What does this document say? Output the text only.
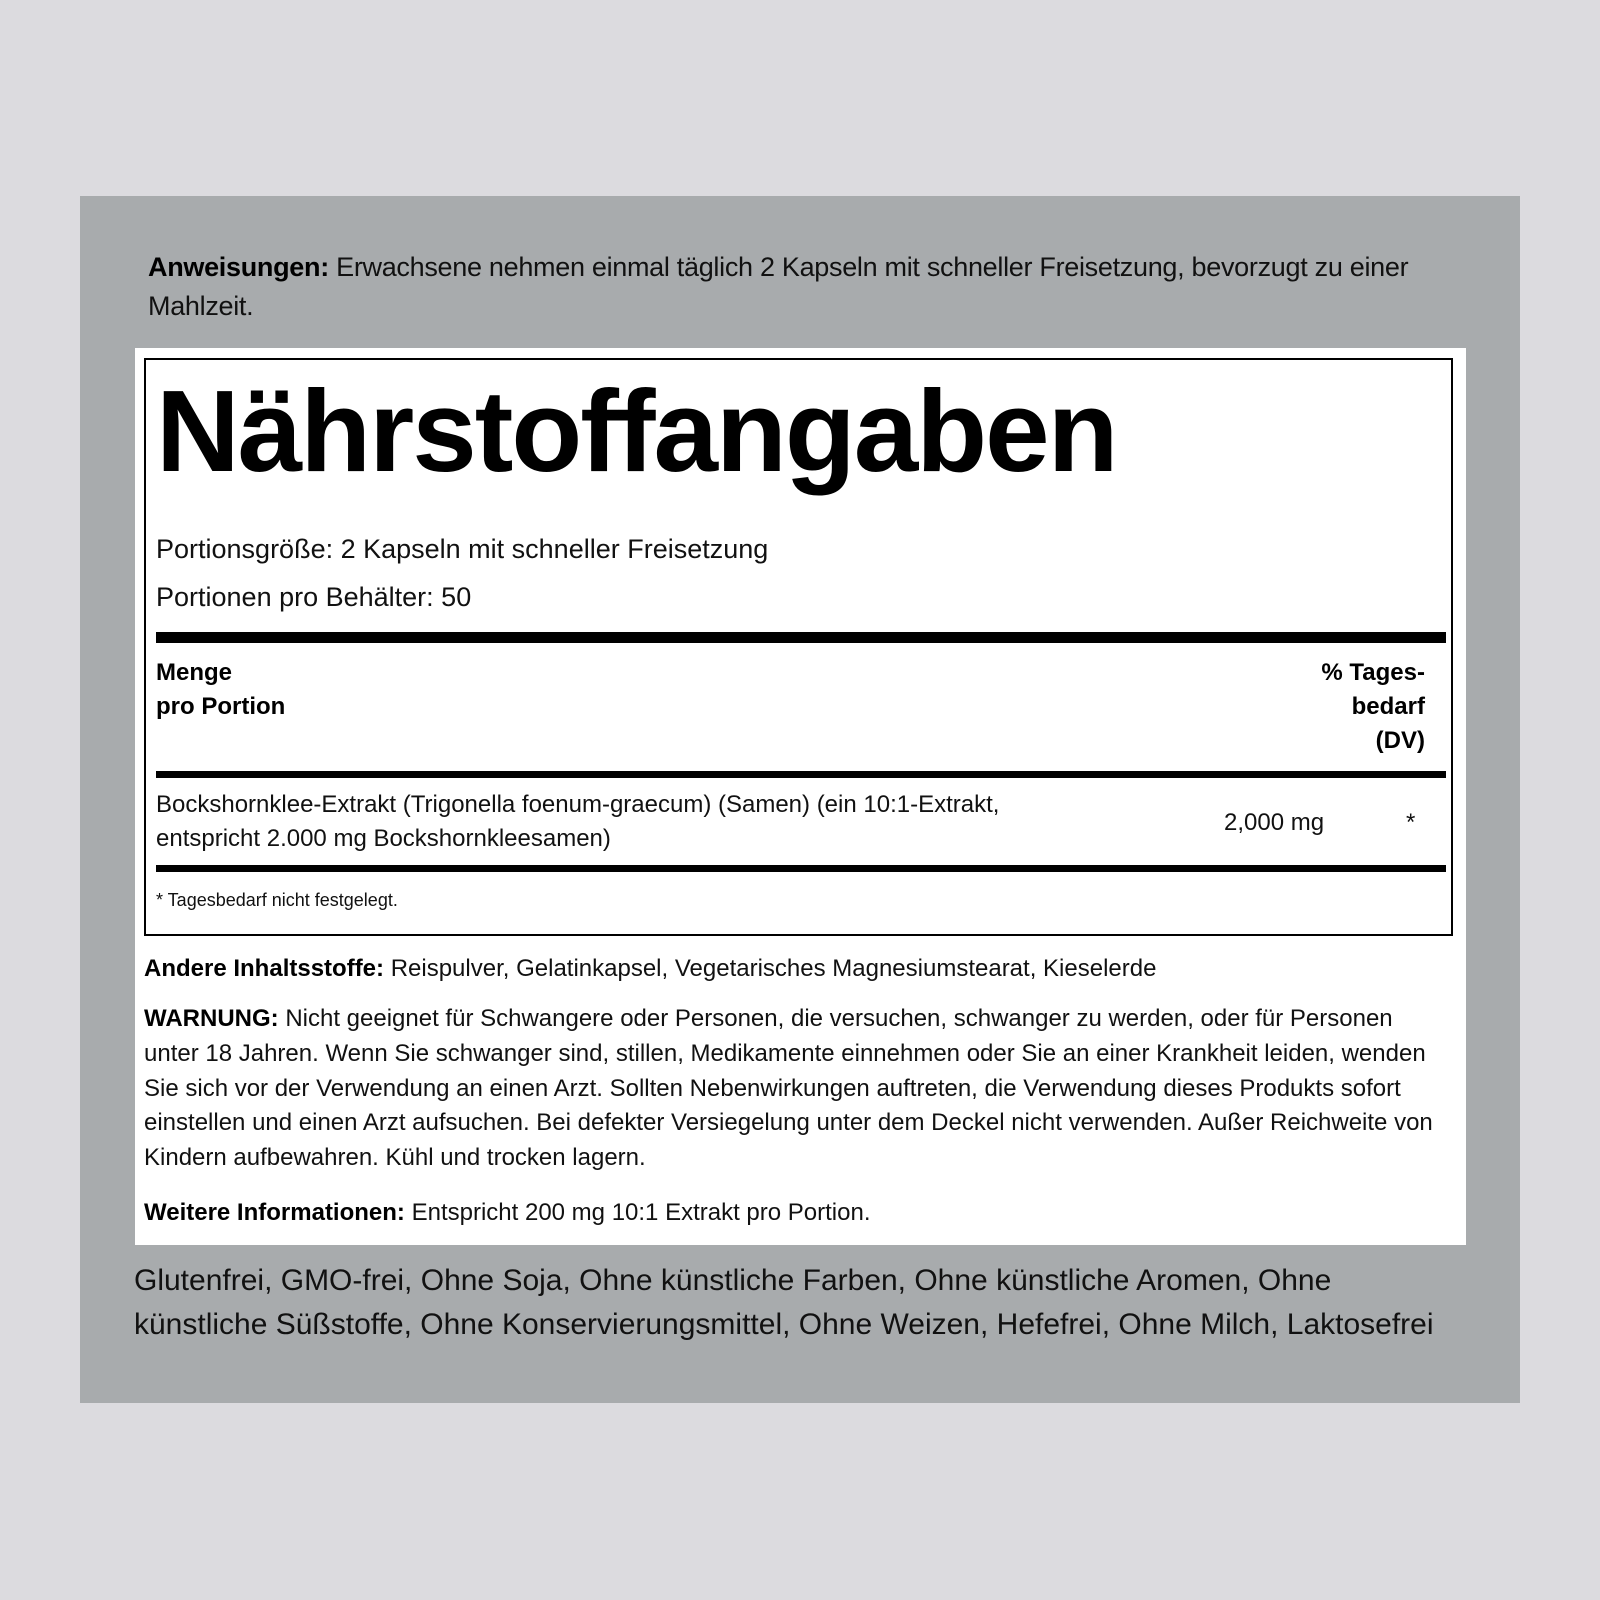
Anweisungen: Erwachsene nehmen einmal täglich 2 Kapseln mit schneller Freisetzung, bevorzugt zu einer Mahlzeit.
Nährstoffangaben
Portionsgröße: 2 Kapseln mit schneller Freisetzung
Portionen pro Behälter: 50
Menge
pro Portion
% Tages-
bedarf
(DV)
Bockshornklee-Extrakt (Trigonella foenum-graecum) (Samen) (ein 10:1-Extrakt, entspricht 2.000 mg Bockshornkleesamen)
2,000 mg	*
* Tagesbedarf nicht festgelegt.
Andere Inhaltsstoffe: Reispulver, Gelatinkapsel, Vegetarisches Magnesiumstearat, Kieselerde
WARNUNG: Nicht geeignet für Schwangere oder Personen, die versuchen, schwanger zu werden, oder für Personen unter 18 Jahren. Wenn Sie schwanger sind, stillen, Medikamente einnehmen oder Sie an einer Krankheit leiden, wenden Sie sich vor der Verwendung an einen Arzt. Sollten Nebenwirkungen auftreten, die Verwendung dieses Produkts sofort einstellen und einen Arzt aufsuchen. Bei defekter Versiegelung unter dem Deckel nicht verwenden. Außer Reichweite von Kindern aufbewahren. Kühl und trocken lagern.
Weitere Informationen: Entspricht 200 mg 10:1 Extrakt pro Portion.
Glutenfrei, GMO-frei, Ohne Soja, Ohne künstliche Farben, Ohne künstliche Aromen, Ohne künstliche Süßstoffe, Ohne Konservierungsmittel, Ohne Weizen, Hefefrei, Ohne Milch, Laktosefrei
